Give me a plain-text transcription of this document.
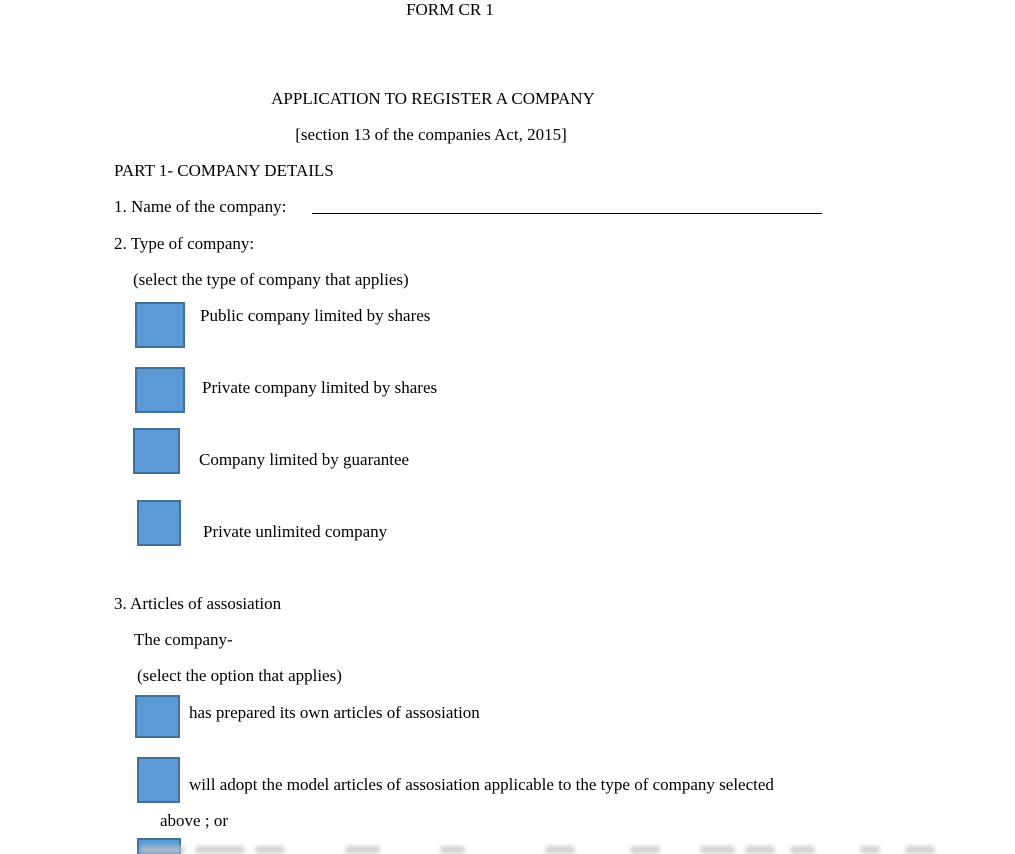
FORM CR 1
APPLICATION TO REGISTER A COMPANY
[section 13 of the companies Act, 2015]
PART 1- COMPANY DETAILS
1. Name of the company:
2. Type of company:
(select the type of company that applies)
Public company limited by shares
Private company limited by shares
Company limited by guarantee
Private unlimited company
3. Articles of assosiation
The company-
(select the option that applies)
has prepared its own articles of assosiation
will adopt the model articles of assosiation applicable to the type of company selected
above ; or
